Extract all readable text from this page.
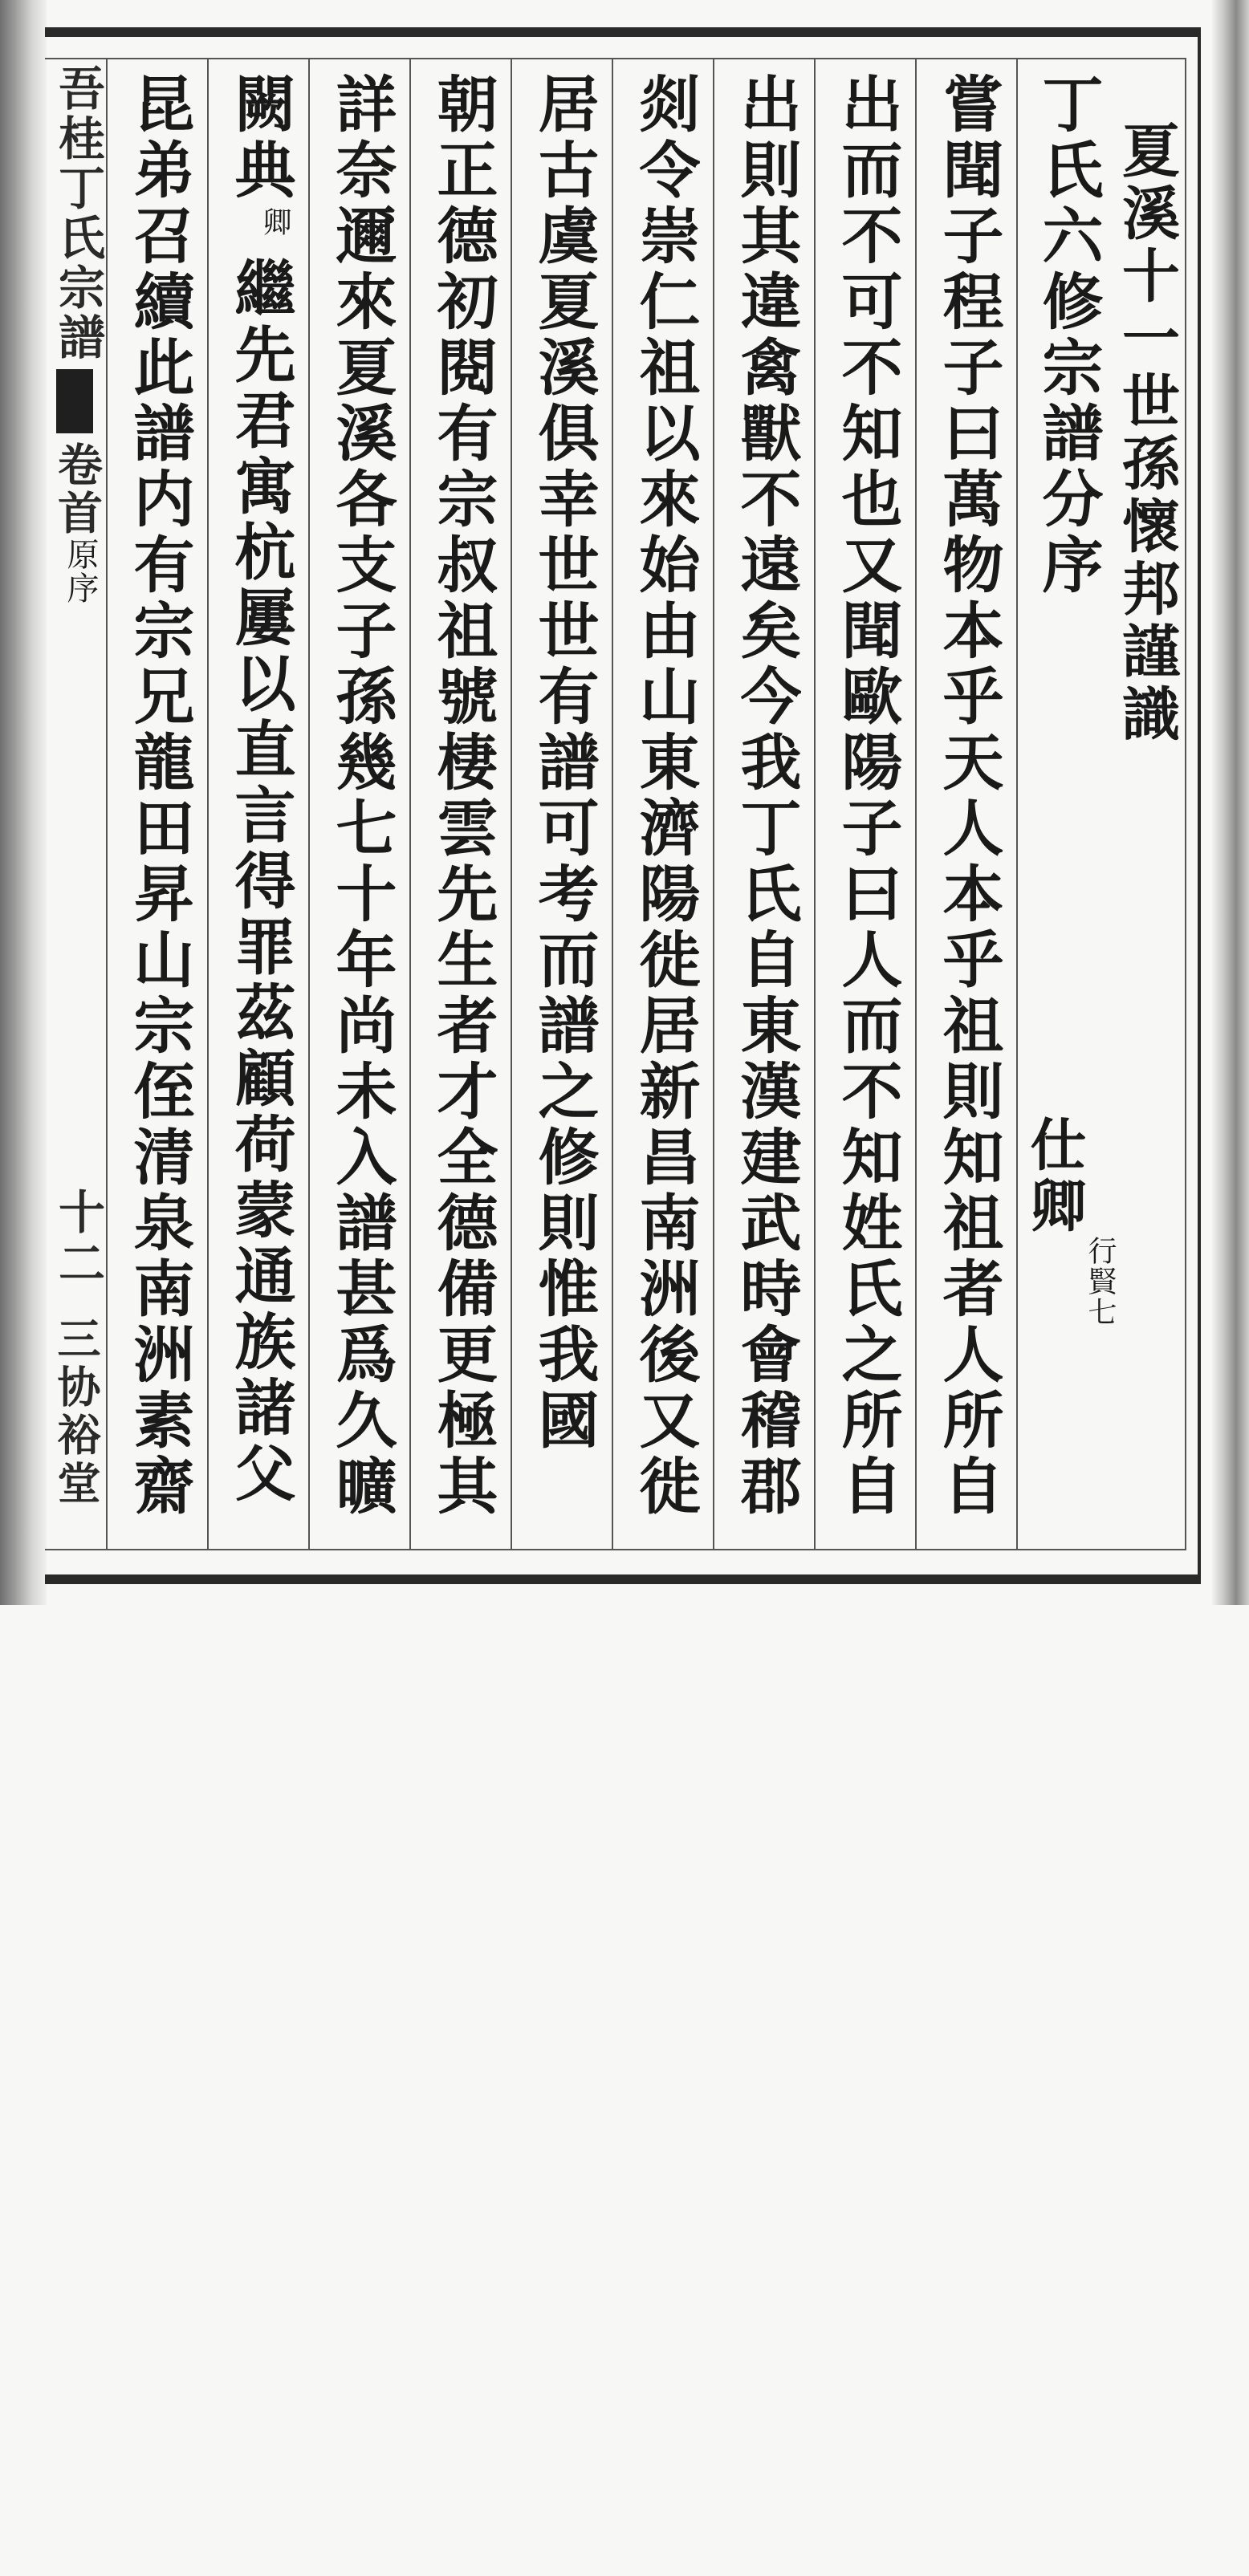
吾桂丁氏宗譜
卷首
原序
十二
三协裕堂
丁氏六修宗譜分序 夏溪十一世孫懷邦謹識
仕卿
行賢七
嘗聞子程子曰萬物本乎天人本乎祖則知祖者人所自
出而不可不知也又聞歐陽子曰人而不知姓氏之所自
出則其違禽獸不遠矣今我丁氏自東漢建武時會稽郡
剡令崇仁祖以來始由山東濟陽徙居新昌南洲後又徙
居古虞夏溪俱幸世世有譜可考而譜之修則惟我國
朝正德初閱有宗叔祖號棲雲先生者才全德備更極其
詳奈邇來夏溪各支子孫幾七十年尚未入譜甚爲久曠
闕典
卿
繼先君寓杭屢以直言得罪茲顧荷蒙通族諸父
昆弟召續此譜内有宗兄龍田昇山宗侄清泉南洲素齋
